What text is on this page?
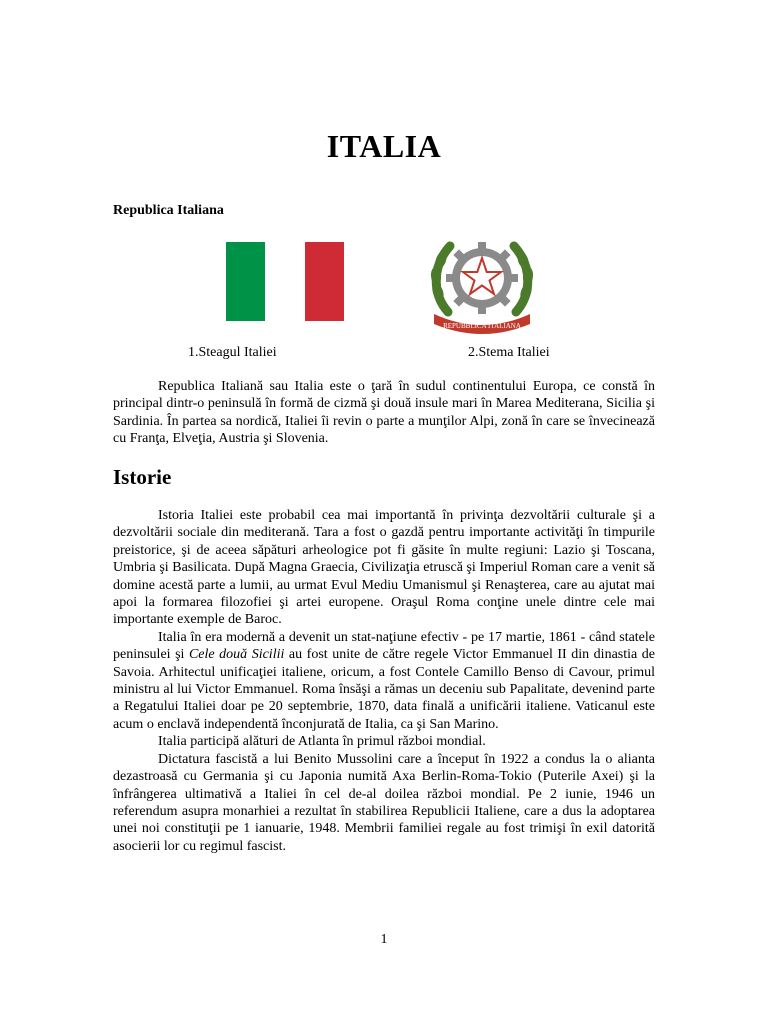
ITALIA
Republica Italiana
REPUBBLICA ITALIANA
1.Steagul Italiei	2.Stema Italiei

Republica Italiană sau Italia este o ţară în sudul continentului Europa, ce constă în principal dintr-o peninsulă în formă de cizmă şi două insule mari în Marea Mediterana, Sicilia şi Sardinia. În partea sa nordică, Italiei îi revin o parte a munţilor Alpi, zonă în care se învecinează cu Franţa, Elveţia, Austria şi Slovenia.

Istorie

Istoria Italiei este probabil cea mai importantă în privinţa dezvoltării culturale şi a dezvoltării sociale din mediterană. Tara a fost o gazdă pentru importante activităţi în timpurile preistorice, şi de aceea săpături arheologice pot fi găsite în multe regiuni: Lazio şi Toscana, Umbria şi Basilicata. După Magna Graecia, Civilizaţia etruscă şi Imperiul Roman care a venit să domine acestă parte a lumii, au urmat Evul Mediu Umanismul şi Renaşterea, care au ajutat mai apoi la formarea filozofiei şi artei europene. Oraşul Roma conţine unele dintre cele mai importante exemple de Baroc.

Italia în era modernă a devenit un stat-naţiune efectiv - pe 17 martie, 1861 - când statele peninsulei şi Cele două Sicilii au fost unite de către regele Victor Emmanuel II din dinastia de Savoia. Arhitectul unificaţiei italiene, oricum, a fost Contele Camillo Benso di Cavour, primul ministru al lui Victor Emmanuel. Roma însăşi a rămas un deceniu sub Papalitate, devenind parte a Regatului Italiei doar pe 20 septembrie, 1870, data finală a unificării italiene. Vaticanul este acum o enclavă independentă înconjurată de Italia, ca şi San Marino.

Italia participă alături de Atlanta în primul război mondial.

Dictatura fascistă a lui Benito Mussolini care a început în 1922 a condus la o alianta dezastroasă cu Germania şi cu Japonia numită Axa Berlin-Roma-Tokio (Puterile Axei) şi la înfrângerea ultimativă a Italiei în cel de-al doilea război mondial. Pe 2 iunie, 1946 un referendum asupra monarhiei a rezultat în stabilirea Republicii Italiene, care a dus la adoptarea unei noi constituţii pe 1 ianuarie, 1948. Membrii familiei regale au fost trimişi în exil datorită asocierii lor cu regimul fascist.

1
